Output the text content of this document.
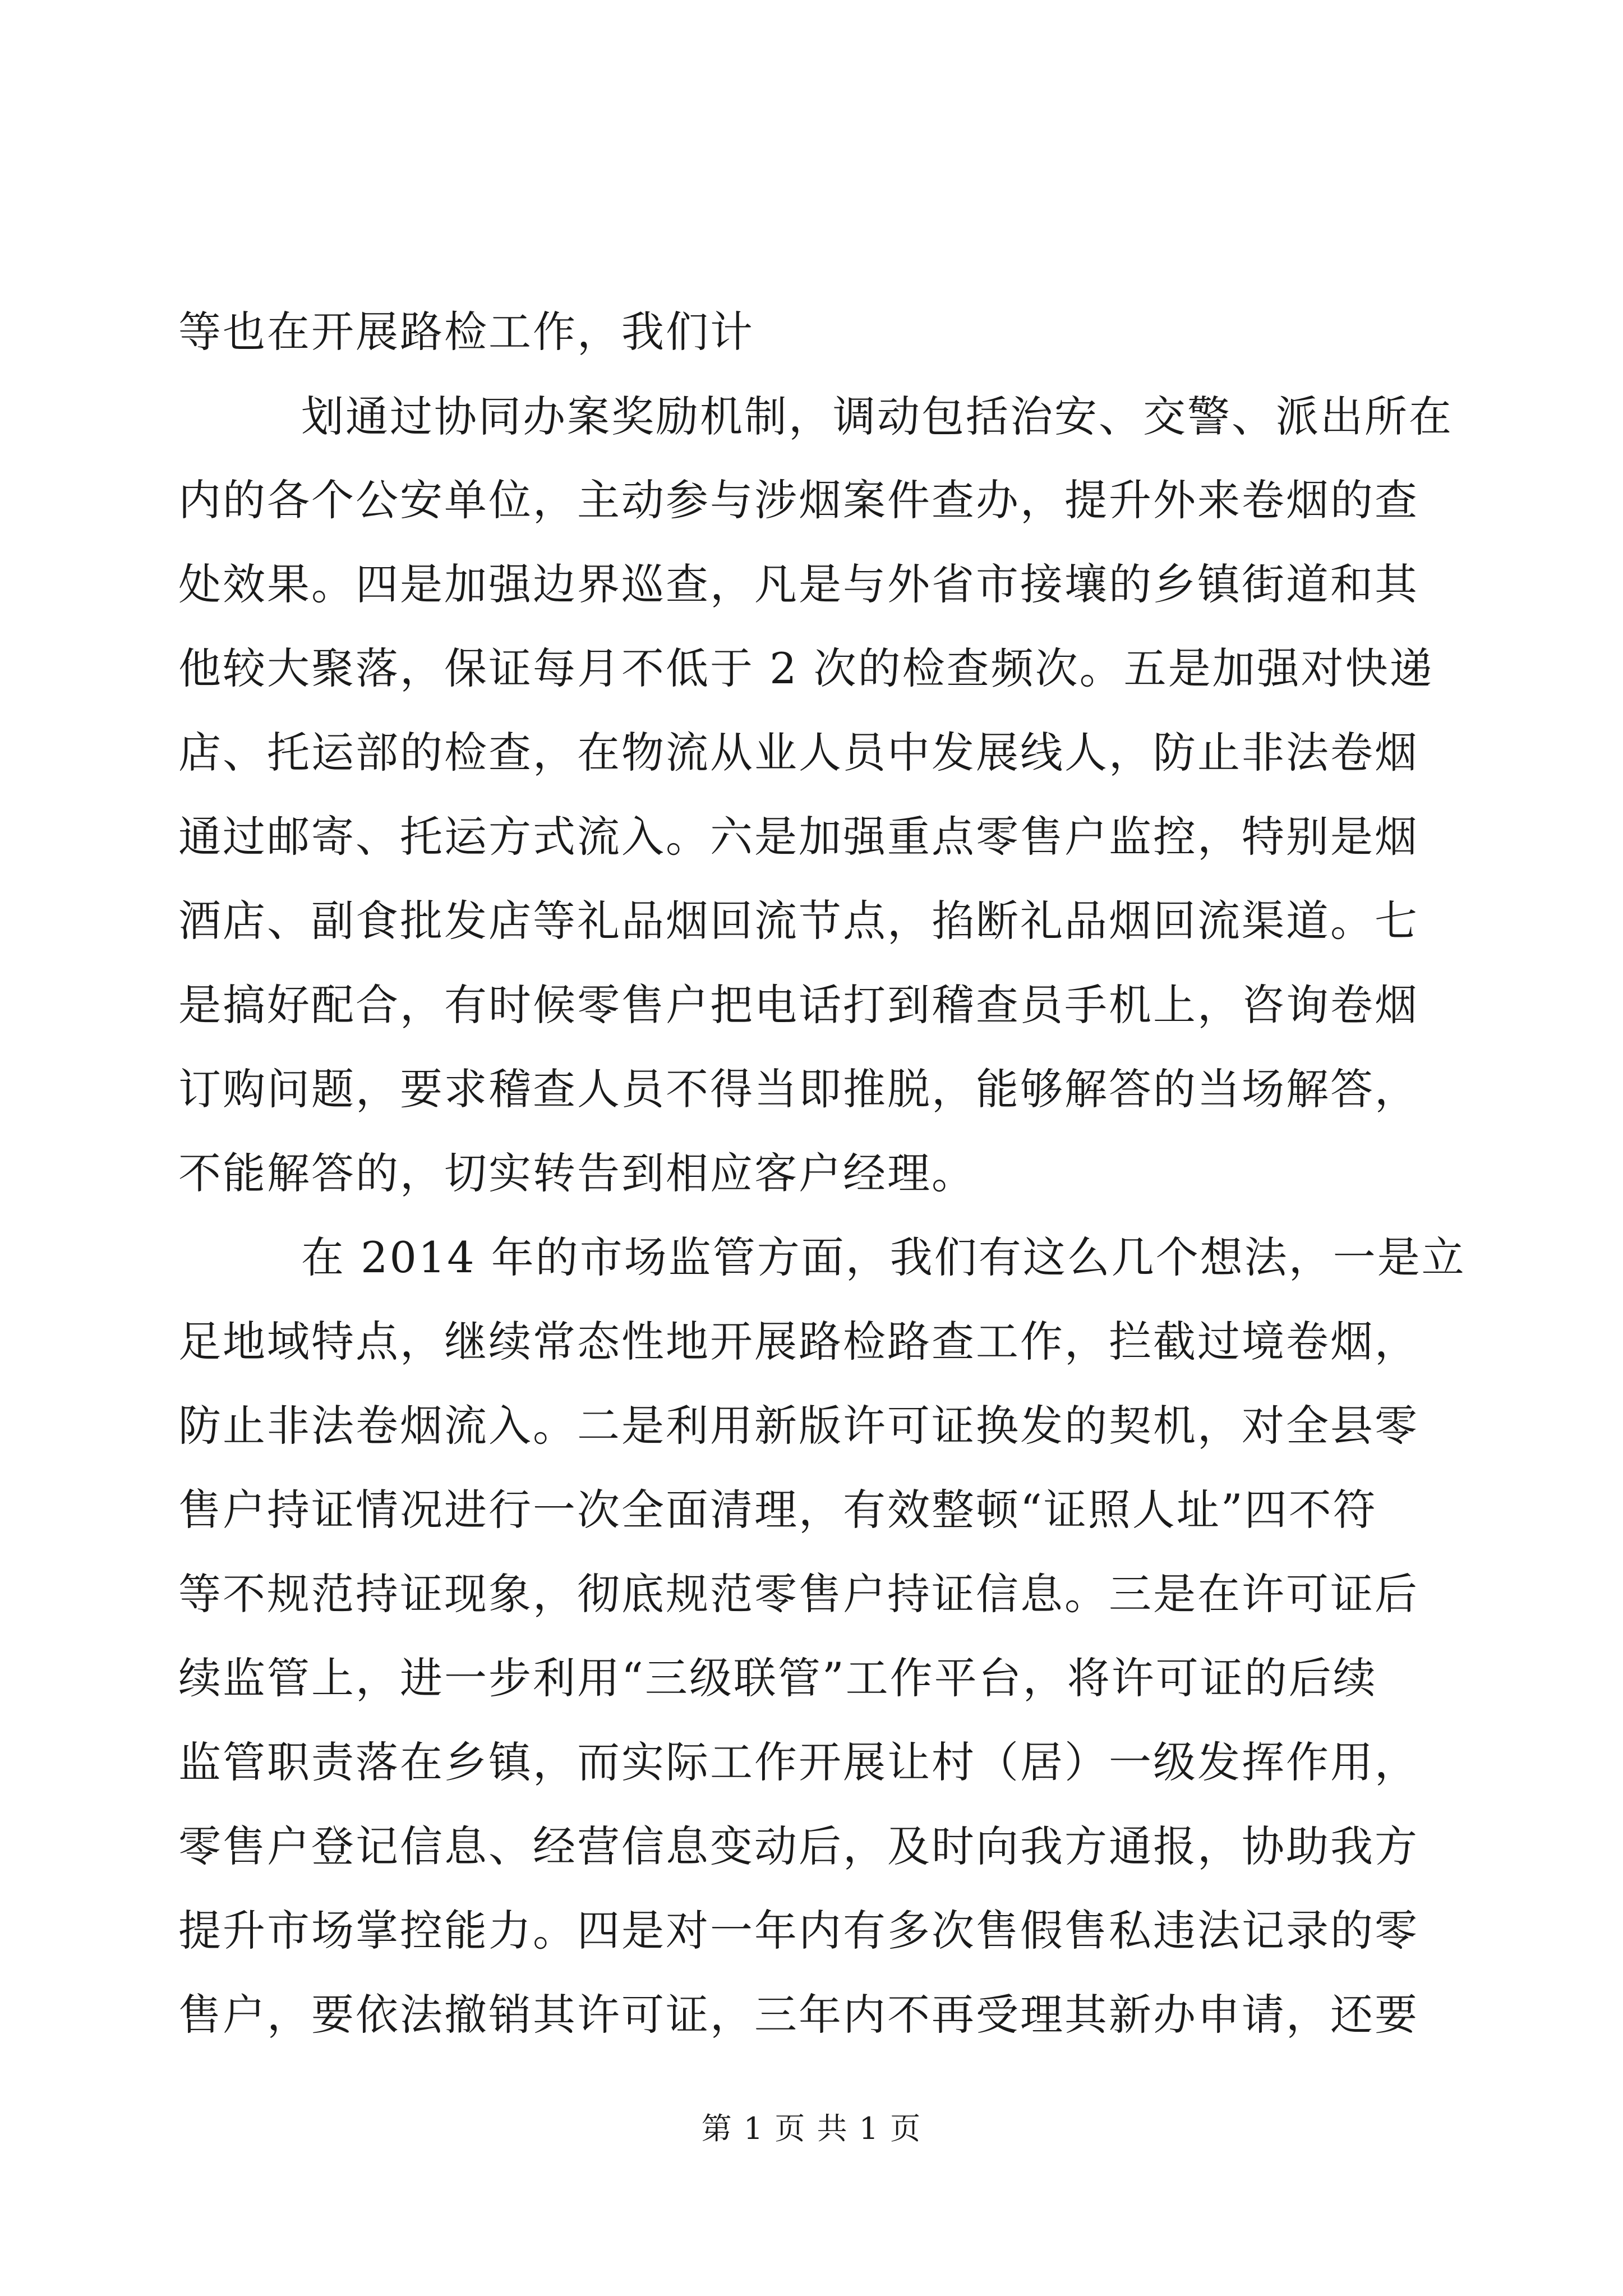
等也在开展路检工作，我们计
划通过协同办案奖励机制，调动包括治安、交警、派出所在
内的各个公安单位，主动参与涉烟案件查办，提升外来卷烟的查
处效果。四是加强边界巡查，凡是与外省市接壤的乡镇街道和其
他较大聚落，保证每月不低于 2 次的检查频次。五是加强对快递
店、托运部的检查，在物流从业人员中发展线人，防止非法卷烟
通过邮寄、托运方式流入。六是加强重点零售户监控，特别是烟
酒店、副食批发店等礼品烟回流节点，掐断礼品烟回流渠道。七
是搞好配合，有时候零售户把电话打到稽查员手机上，咨询卷烟
订购问题，要求稽查人员不得当即推脱，能够解答的当场解答，
不能解答的，切实转告到相应客户经理。
在 2014 年的市场监管方面，我们有这么几个想法，一是立
足地域特点，继续常态性地开展路检路查工作，拦截过境卷烟，
防止非法卷烟流入。二是利用新版许可证换发的契机，对全县零
售户持证情况进行一次全面清理，有效整顿“证照人址”四不符
等不规范持证现象，彻底规范零售户持证信息。三是在许可证后
续监管上，进一步利用“三级联管”工作平台，将许可证的后续
监管职责落在乡镇，而实际工作开展让村（居）一级发挥作用，
零售户登记信息、经营信息变动后，及时向我方通报，协助我方
提升市场掌控能力。四是对一年内有多次售假售私违法记录的零
售户，要依法撤销其许可证，三年内不再受理其新办申请，还要
第 1 页 共 1 页
